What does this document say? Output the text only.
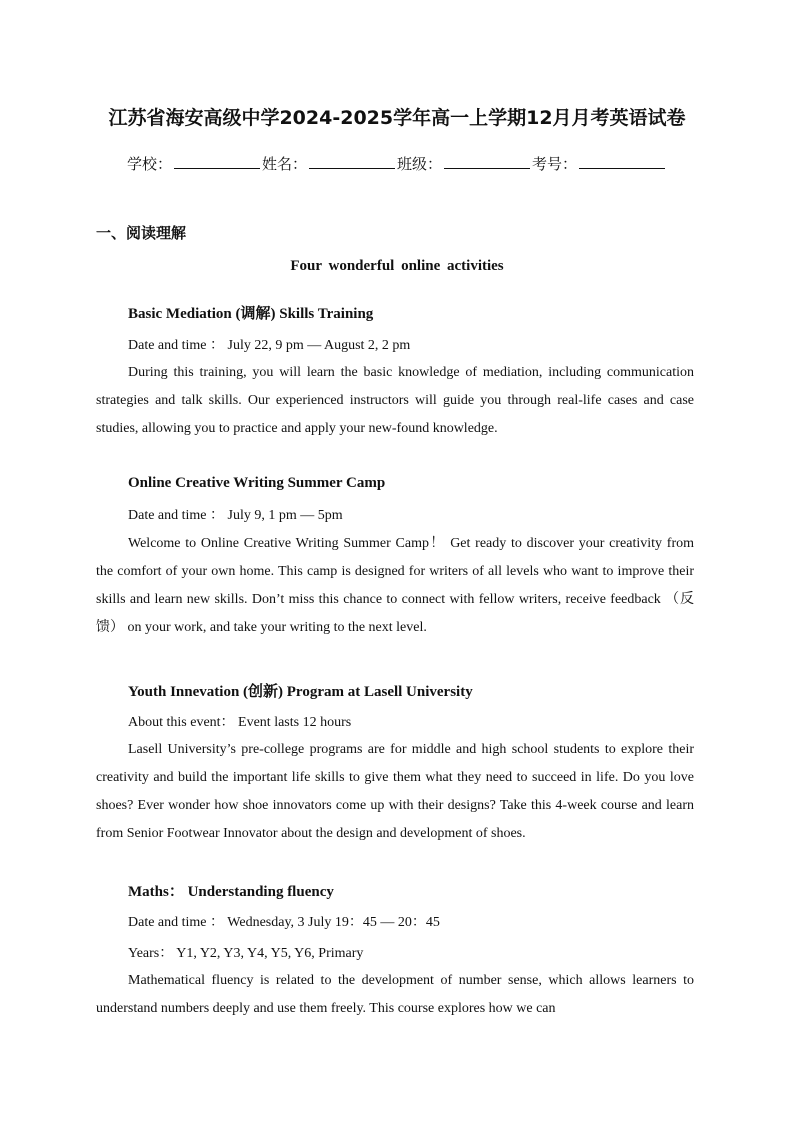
江苏省海安高级中学2024-2025学年高一上学期12月月考英语试卷
学校：	姓名：	班级：	考号：
一、阅读理解
Four wonderful online activities
Basic Mediation (调解) Skills Training
Date and time ： July 22, 9 pm — August 2, 2 pm

During this training, you will learn the basic knowledge of mediation, including communication strategies and talk skills. Our experienced instructors will guide you through real-life cases and case studies, allowing you to practice and apply your new-found knowledge.

Online Creative Writing Summer Camp
Date and time ： July 9, 1 pm — 5pm

Welcome to Online Creative Writing Summer Camp！ Get ready to discover your creativity from the comfort of your own home. This camp is designed for writers of all levels who want to improve their skills and learn new skills. Don’t miss this chance to connect with fellow writers, receive feedback （反馈） on your work, and take your writing to the next level.

Youth Innevation (创新) Program at Lasell University
About this event： Event lasts 12 hours

Lasell University’s pre-college programs are for middle and high school students to explore their creativity and build the important life skills to give them what they need to succeed in life. Do you love shoes? Ever wonder how shoe innovators come up with their designs? Take this 4-week course and learn from Senior Footwear Innovator about the design and development of shoes.

Maths： Understanding fluency
Date and time ： Wednesday, 3 July 19：45 — 20：45
Years： Y1, Y2, Y3, Y4, Y5, Y6, Primary

Mathematical fluency is related to the development of number sense, which allows learners to understand numbers deeply and use them freely. This course explores how we can
